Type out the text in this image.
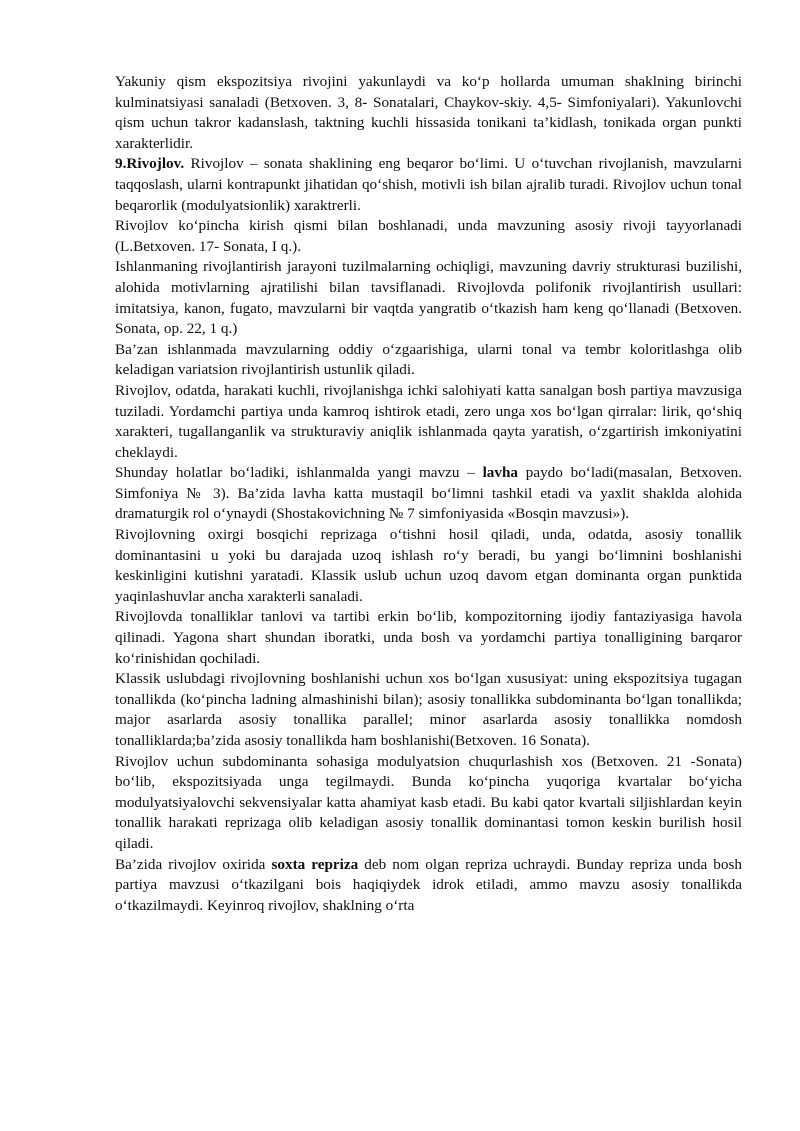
Yakuniy qism ekspozitsiya rivojini yakunlaydi va ko‘p hollarda umuman shaklning birinchi kulminatsiyasi sanaladi (Betxoven. 3, 8- Sonatalari, Chaykov-skiy. 4,5- Simfoniyalari). Yakunlovchi qism uchun takror kadanslash, taktning kuchli hissasida tonikani ta’kidlash, tonikada organ punkti xarakterlidir.

9.Rivojlov. Rivojlov – sonata shaklining eng beqaror bo‘limi. U o‘tuvchan rivojlanish, mavzularni taqqoslash, ularni kontrapunkt jihatidan qo‘shish, motivli ish bilan ajralib turadi. Rivojlov uchun tonal beqarorlik (modulyatsionlik) xaraktrerli.

Rivojlov ko‘pincha kirish qismi bilan boshlanadi, unda mavzuning asosiy rivoji tayyorlanadi (L.Betxoven. 17- Sonata, I q.).

Ishlanmaning rivojlantirish jarayoni tuzilmalarning ochiqligi, mavzuning davriy strukturasi buzilishi, alohida motivlarning ajratilishi bilan tavsiflanadi. Rivojlovda polifonik rivojlantirish usullari: imitatsiya, kanon, fugato, mavzularni bir vaqtda yangratib o‘tkazish ham keng qo‘llanadi (Betxoven. Sonata, op. 22, 1 q.)

Ba’zan ishlanmada mavzularning oddiy o‘zgaarishiga, ularni tonal va tembr koloritlashga olib keladigan variatsion rivojlantirish ustunlik qiladi.

Rivojlov, odatda, harakati kuchli, rivojlanishga ichki salohiyati katta sanalgan bosh partiya mavzusiga tuziladi. Yordamchi partiya unda kamroq ishtirok etadi, zero unga xos bo‘lgan qirralar: lirik, qo‘shiq xarakteri, tugallanganlik va strukturaviy aniqlik ishlanmada qayta yaratish, o‘zgartirish imkoniyatini cheklaydi.

Shunday holatlar bo‘ladiki, ishlanmalda yangi mavzu – lavha paydo bo‘ladi(masalan, Betxoven. Simfoniya № 3). Ba’zida lavha katta mustaqil bo‘limni tashkil etadi va yaxlit shaklda alohida dramaturgik rol o‘ynaydi (Shostakovichning № 7 simfoniyasida «Bosqin mavzusi»).

Rivojlovning oxirgi bosqichi reprizaga o‘tishni hosil qiladi, unda, odatda, asosiy tonallik dominantasini u yoki bu darajada uzoq ishlash ro‘y beradi, bu yangi bo‘limnini boshlanishi keskinligini kutishni yaratadi. Klassik uslub uchun uzoq davom etgan dominanta organ punktida yaqinlashuvlar ancha xarakterli sanaladi.

Rivojlovda tonalliklar tanlovi va tartibi erkin bo‘lib, kompozitorning ijodiy fantaziyasiga havola qilinadi. Yagona shart shundan iboratki, unda bosh va yordamchi partiya tonalligining barqaror ko‘rinishidan qochiladi.

Klassik uslubdagi rivojlovning boshlanishi uchun xos bo‘lgan xususiyat: uning ekspozitsiya tugagan tonallikda (ko‘pincha ladning almashinishi bilan); asosiy tonallikka subdominanta bo‘lgan tonallikda; major asarlarda asosiy tonallika parallel; minor asarlarda asosiy tonallikka nomdosh tonalliklarda;ba’zida asosiy tonallikda ham boshlanishi(Betxoven. 16 Sonata).

Rivojlov uchun subdominanta sohasiga modulyatsion chuqurlashish xos (Betxoven. 21 -Sonata) bo‘lib, ekspozitsiyada unga tegilmaydi. Bunda ko‘pincha yuqoriga kvartalar bo‘yicha modulyatsiyalovchi sekvensiyalar katta ahamiyat kasb etadi. Bu kabi qator kvartali siljishlardan keyin tonallik harakati reprizaga olib keladigan asosiy tonallik dominantasi tomon keskin burilish hosil qiladi.

Ba’zida rivojlov oxirida soxta repriza deb nom olgan repriza uchraydi. Bunday repriza unda bosh partiya mavzusi o‘tkazilgani bois haqiqiydek idrok etiladi, ammo mavzu asosiy tonallikda o‘tkazilmaydi. Keyinroq rivojlov, shaklning o‘rta
